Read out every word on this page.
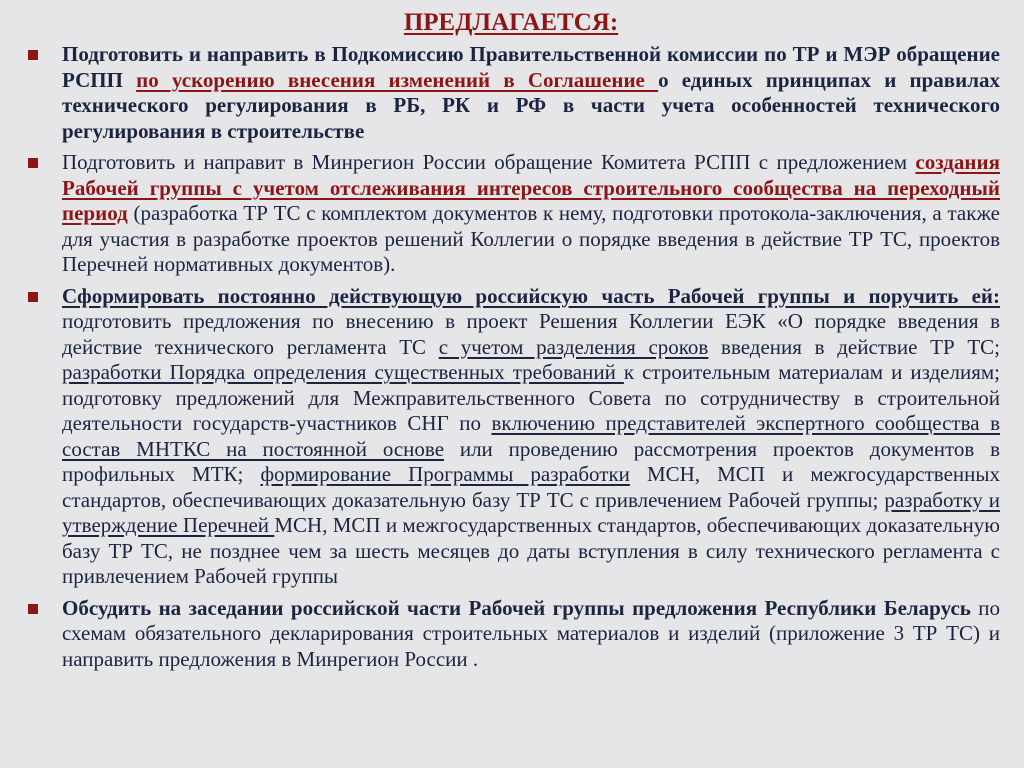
ПРЕДЛАГАЕТСЯ:
Подготовить и направить в Подкомиссию Правительственной комиссии по ТР и МЭР обращение РСПП по ускорению внесения изменений в Соглашение о единых принципах и правилах технического регулирования в РБ, РК и РФ в части учета особенностей технического регулирования в строительстве
Подготовить и направит в Минрегион России обращение Комитета РСПП с предложением создания Рабочей группы с учетом отслеживания интересов строительного сообщества на переходный период (разработка ТР ТС с комплектом документов к нему, подготовки протокола-заключения, а также для участия в разработке проектов решений Коллегии о порядке введения в действие ТР ТС, проектов Перечней нормативных документов).
Сформировать постоянно действующую российскую часть Рабочей группы и поручить ей: подготовить предложения по внесению в проект Решения Коллегии ЕЭК «О порядке введения в действие технического регламента ТС с учетом разделения сроков введения в действие ТР ТС; разработки Порядка определения существенных требований к строительным материалам и изделиям; подготовку предложений для Межправительственного Совета по сотрудничеству в строительной деятельности государств-участников СНГ по включению представителей экспертного сообщества в состав МНТКС на постоянной основе или проведению рассмотрения проектов документов в профильных МТК; формирование Программы разработки МСН, МСП и межгосударственных стандартов, обеспечивающих доказательную базу ТР ТС с привлечением Рабочей группы; разработку и утверждение Перечней МСН, МСП и межгосударственных стандартов, обеспечивающих доказательную базу ТР ТС, не позднее чем за шесть месяцев до даты вступления в силу технического регламента с привлечением Рабочей группы
Обсудить на заседании российской части Рабочей группы предложения Республики Беларусь по схемам обязательного декларирования строительных материалов и изделий (приложение 3 ТР ТС) и направить предложения в Минрегион России .
